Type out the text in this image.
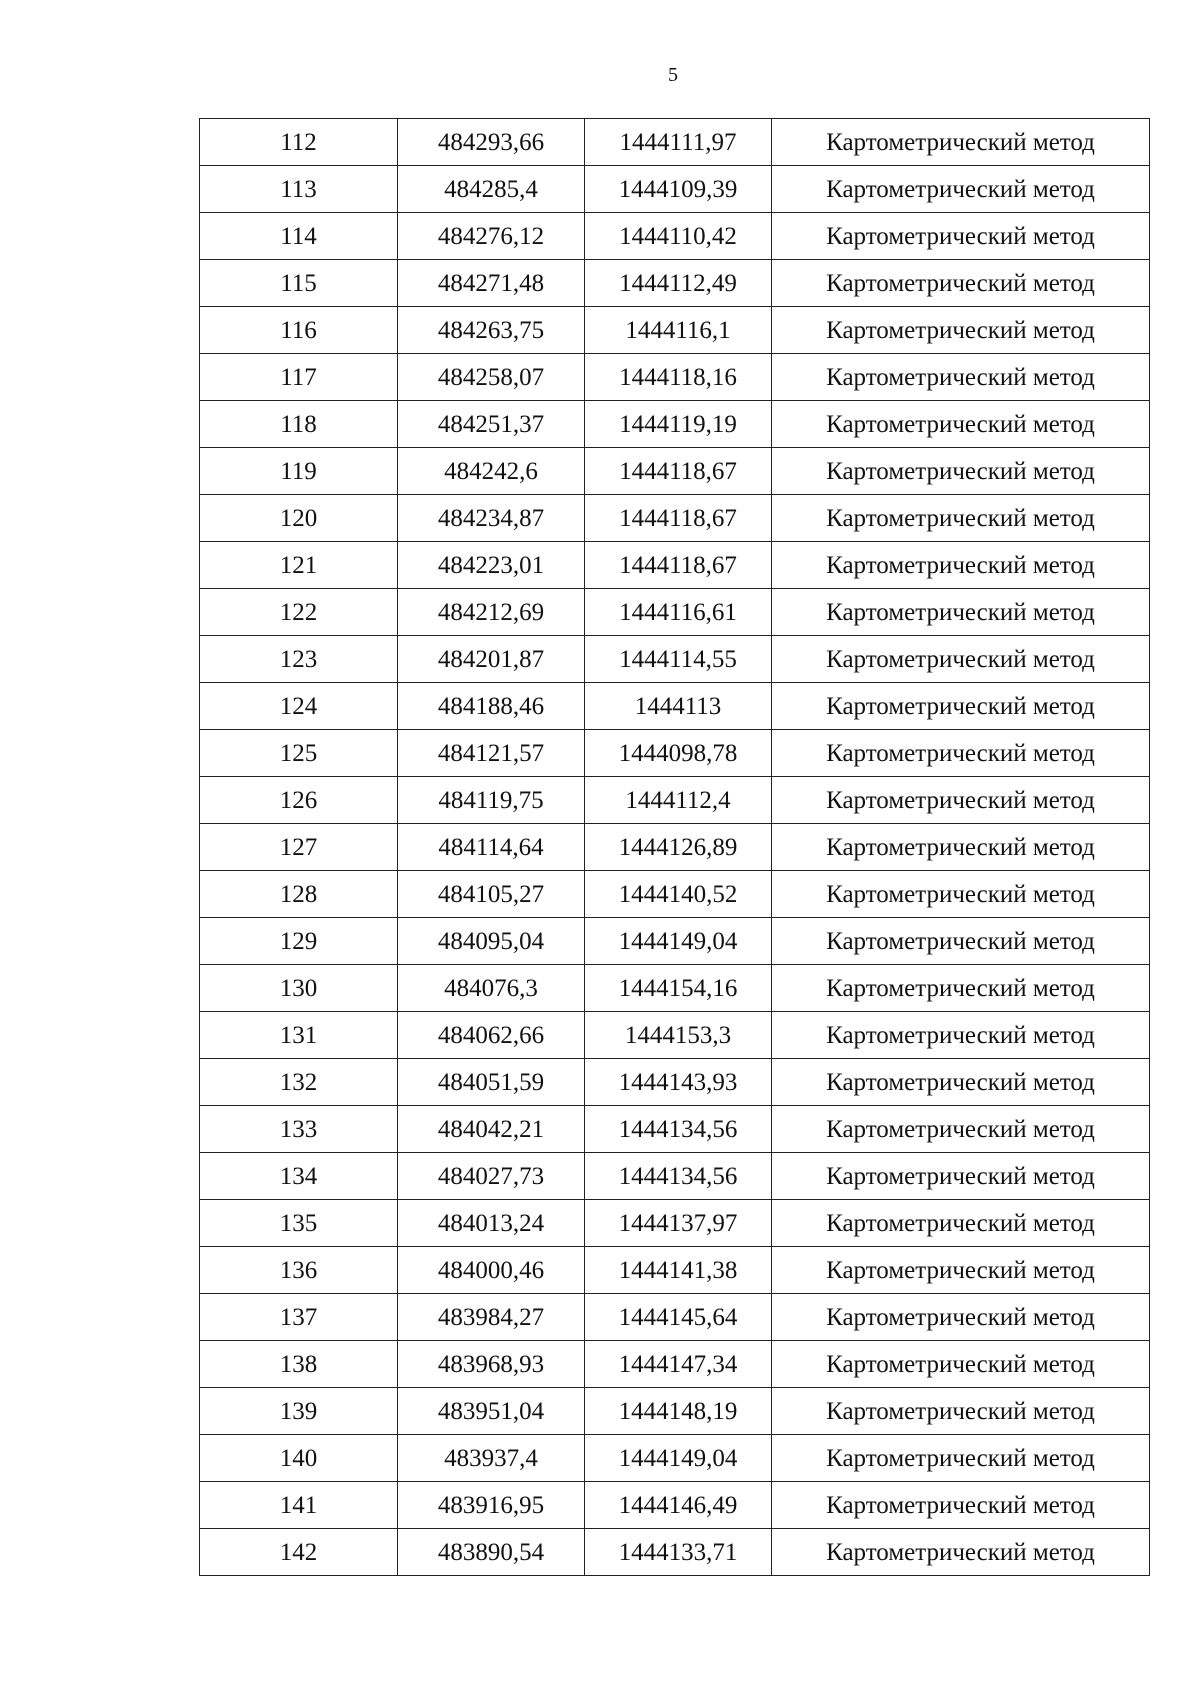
5
112	484293,66	1444111,97	Картометрический метод
113	484285,4	1444109,39	Картометрический метод
114	484276,12	1444110,42	Картометрический метод
115	484271,48	1444112,49	Картометрический метод
116	484263,75	1444116,1	Картометрический метод
117	484258,07	1444118,16	Картометрический метод
118	484251,37	1444119,19	Картометрический метод
119	484242,6	1444118,67	Картометрический метод
120	484234,87	1444118,67	Картометрический метод
121	484223,01	1444118,67	Картометрический метод
122	484212,69	1444116,61	Картометрический метод
123	484201,87	1444114,55	Картометрический метод
124	484188,46	1444113	Картометрический метод
125	484121,57	1444098,78	Картометрический метод
126	484119,75	1444112,4	Картометрический метод
127	484114,64	1444126,89	Картометрический метод
128	484105,27	1444140,52	Картометрический метод
129	484095,04	1444149,04	Картометрический метод
130	484076,3	1444154,16	Картометрический метод
131	484062,66	1444153,3	Картометрический метод
132	484051,59	1444143,93	Картометрический метод
133	484042,21	1444134,56	Картометрический метод
134	484027,73	1444134,56	Картометрический метод
135	484013,24	1444137,97	Картометрический метод
136	484000,46	1444141,38	Картометрический метод
137	483984,27	1444145,64	Картометрический метод
138	483968,93	1444147,34	Картометрический метод
139	483951,04	1444148,19	Картометрический метод
140	483937,4	1444149,04	Картометрический метод
141	483916,95	1444146,49	Картометрический метод
142	483890,54	1444133,71	Картометрический метод
